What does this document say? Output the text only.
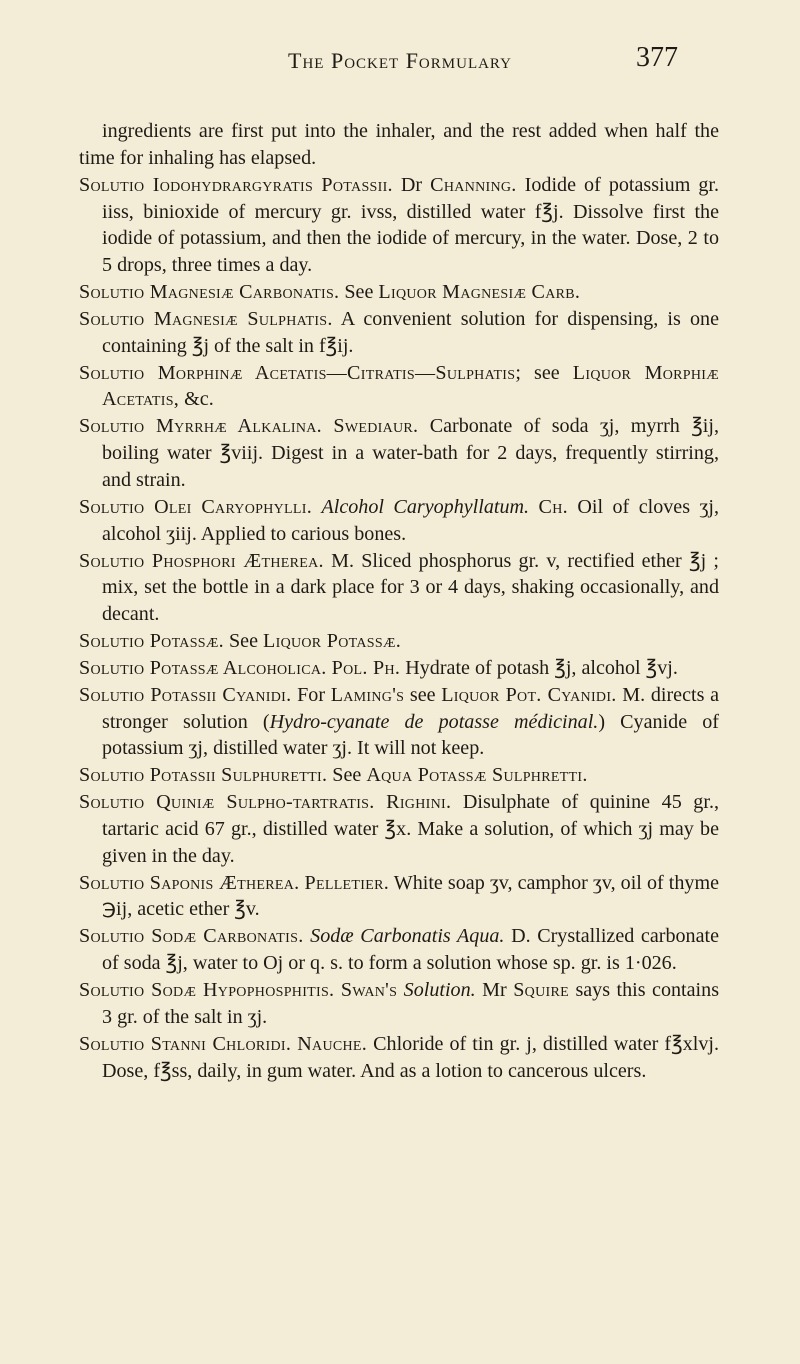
The Pocket Formulary	377

ingredients are first put into the inhaler, and the rest added when half the time for inhaling has elapsed.

Solutio Iodohydrargyratis Potassii. Dr Channing. Iodide of potassium gr. iiss, binioxide of mercury gr. ivss, distilled water f℥j. Dissolve first the iodide of potassium, and then the iodide of mercury, in the water. Dose, 2 to 5 drops, three times a day.

Solutio Magnesiæ Carbonatis. See Liquor Magnesiæ Carb.

Solutio Magnesiæ Sulphatis. A convenient solution for dispensing, is one containing ℥j of the salt in f℥ij.

Solutio Morphinæ Acetatis—Citratis—Sulphatis; see Liquor Morphiæ Acetatis, &c.

Solutio Myrrhæ Alkalina. Swediaur. Carbonate of soda ʒj, myrrh ℥ij, boiling water ℥viij. Digest in a water-bath for 2 days, frequently stirring, and strain.

Solutio Olei Caryophylli. Alcohol Caryophyllatum. Ch. Oil of cloves ʒj, alcohol ʒiij. Applied to carious bones.

Solutio Phosphori Ætherea. M. Sliced phosphorus gr. v, rectified ether ℥j ; mix, set the bottle in a dark place for 3 or 4 days, shaking occasionally, and decant.

Solutio Potassæ. See Liquor Potassæ.

Solutio Potassæ Alcoholica. Pol. Ph. Hydrate of potash ℥j, alcohol ℥vj.

Solutio Potassii Cyanidi. For Laming's see Liquor Pot. Cyanidi. M. directs a stronger solution (Hydro-cyanate de potasse médicinal.) Cyanide of potassium ʒj, distilled water ʒj. It will not keep.

Solutio Potassii Sulphuretti. See Aqua Potassæ Sulphretti.

Solutio Quiniæ Sulpho-tartratis. Righini. Disulphate of quinine 45 gr., tartaric acid 67 gr., distilled water ℥x. Make a solution, of which ʒj may be given in the day.

Solutio Saponis Ætherea. Pelletier. White soap ʒv, camphor ʒv, oil of thyme ℈ij, acetic ether ℥v.

Solutio Sodæ Carbonatis. Sodæ Carbonatis Aqua. D. Crystallized carbonate of soda ℥j, water to Oj or q. s. to form a solution whose sp. gr. is 1·026.

Solutio Sodæ Hypophosphitis. Swan's Solution. Mr Squire says this contains 3 gr. of the salt in ʒj.

Solutio Stanni Chloridi. Nauche. Chloride of tin gr. j, distilled water f℥xlvj. Dose, f℥ss, daily, in gum water. And as a lotion to cancerous ulcers.
